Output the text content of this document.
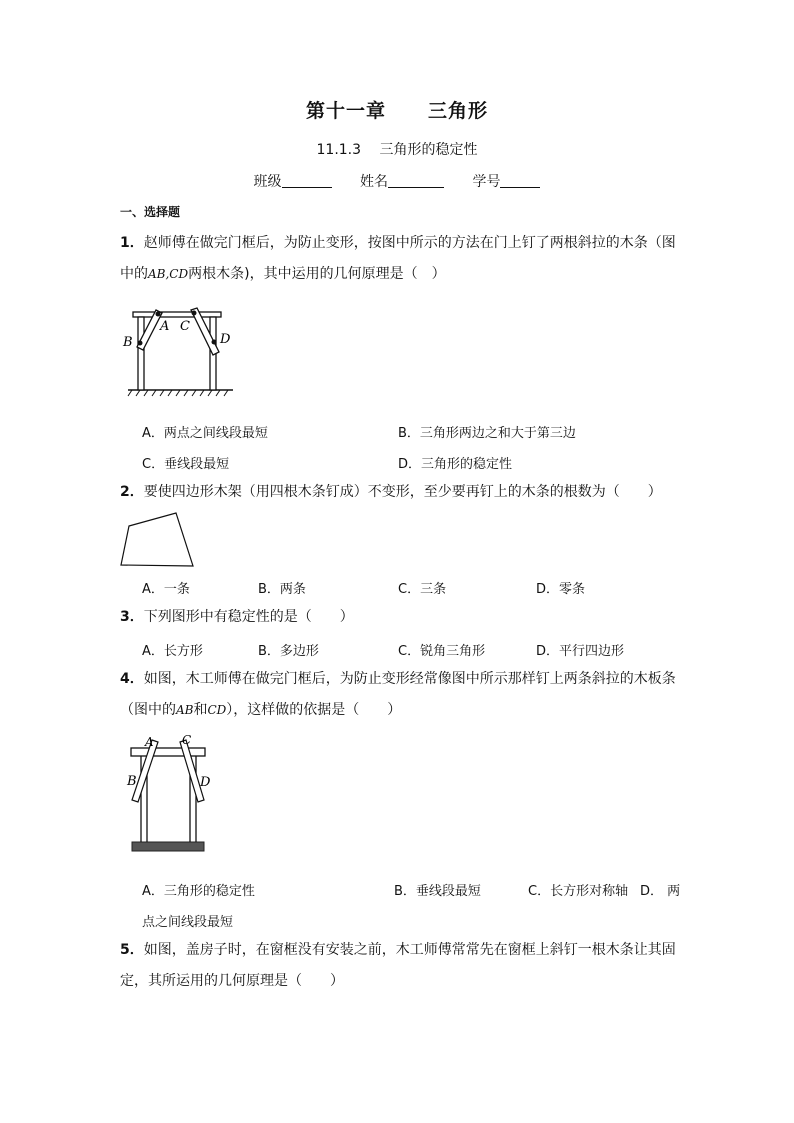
第十一章 三角形
11.1.3　 三角形的稳定性
班级	姓名	学号
一、选择题
1．赵师傅在做完门框后，为防止变形，按图中所示的方法在门上钉了两根斜拉的木条（图
中的AB,CD两根木条)，其中运用的几何原理是（　）
A
B
C
D
A．两点之间线段最短	B．三角形两边之和大于第三边
C．垂线段最短	D．三角形的稳定性
2．要使四边形木架（用四根木条钉成）不变形，至少要再钉上的木条的根数为（　　）
A．一条	B．两条	C．三条	D．零条
3．下列图形中有稳定性的是（　　）
A．长方形	B．多边形	C．锐角三角形	D．平行四边形
4．如图，木工师傅在做完门框后，为防止变形经常像图中所示那样钉上两条斜拉的木板条
（图中的AB和CD），这样做的依据是（　　）
A
B
C
D
A．三角形的稳定性	B．垂线段最短	C．长方形对称轴 D． 两
点之间线段最短
5．如图，盖房子时，在窗框没有安装之前，木工师傅常常先在窗框上斜钉一根木条让其固
定，其所运用的几何原理是（　　）
